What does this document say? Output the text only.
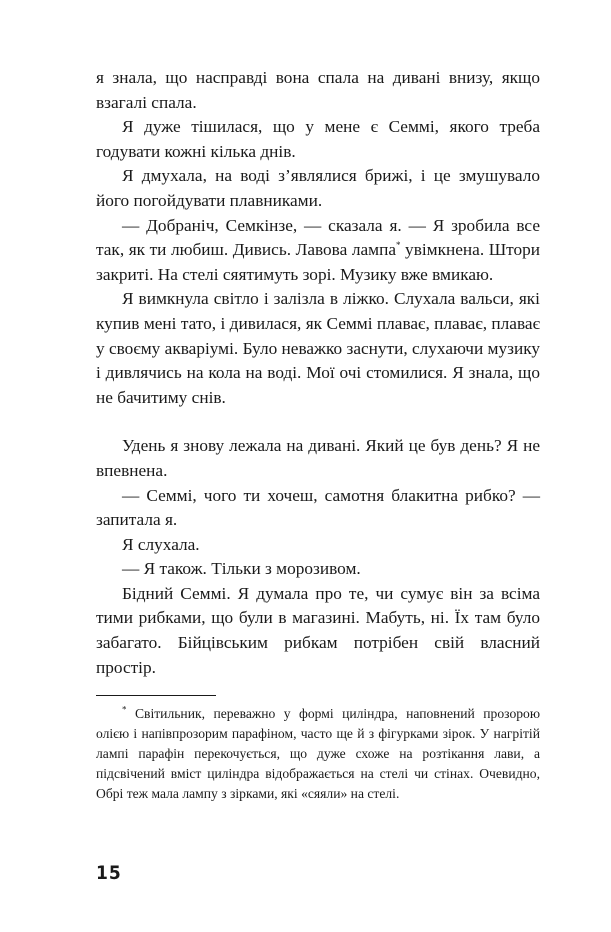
я знала, що насправді вона спала на дивані внизу, якщо взагалі спала.

Я дуже тішилася, що у мене є Семмі, якого треба годувати кожні кілька днів.

Я дмухала, на воді з’являлися брижі, і це змушувало його погойдувати плавниками.

— Добраніч, Семкінзе, — сказала я. — Я зробила все так, як ти любиш. Дивись. Лавова лампа* увімкнена. Штори закриті. На стелі сяятимуть зорі. Музику вже вмикаю.

Я вимкнула світло і залізла в ліжко. Слухала вальси, які купив мені тато, і дивилася, як Семмі плаває, плаває, плаває у своєму акваріумі. Було неважко заснути, слухаючи музику і дивлячись на кола на воді. Мої очі стомилися. Я знала, що не бачитиму снів.

Удень я знову лежала на дивані. Який це був день? Я не впевнена.

— Семмі, чого ти хочеш, самотня блакитна рибко? — запитала я.

Я слухала.

— Я також. Тільки з морозивом.

Бідний Семмі. Я думала про те, чи сумує він за всіма тими рибками, що були в магазині. Мабуть, ні. Їх там було забагато. Бійцівським рибкам потрібен свій власний простір.

* Світильник, переважно у формі циліндра, наповнений прозорою олією і напівпрозорим парафіном, часто ще й з фігурками зірок. У нагрітій лампі парафін перекочується, що дуже схоже на розтікання лави, а підсвічений вміст циліндра відображається на стелі чи стінах. Очевидно, Обрі теж мала лампу з зірками, які «сяяли» на стелі.

15
